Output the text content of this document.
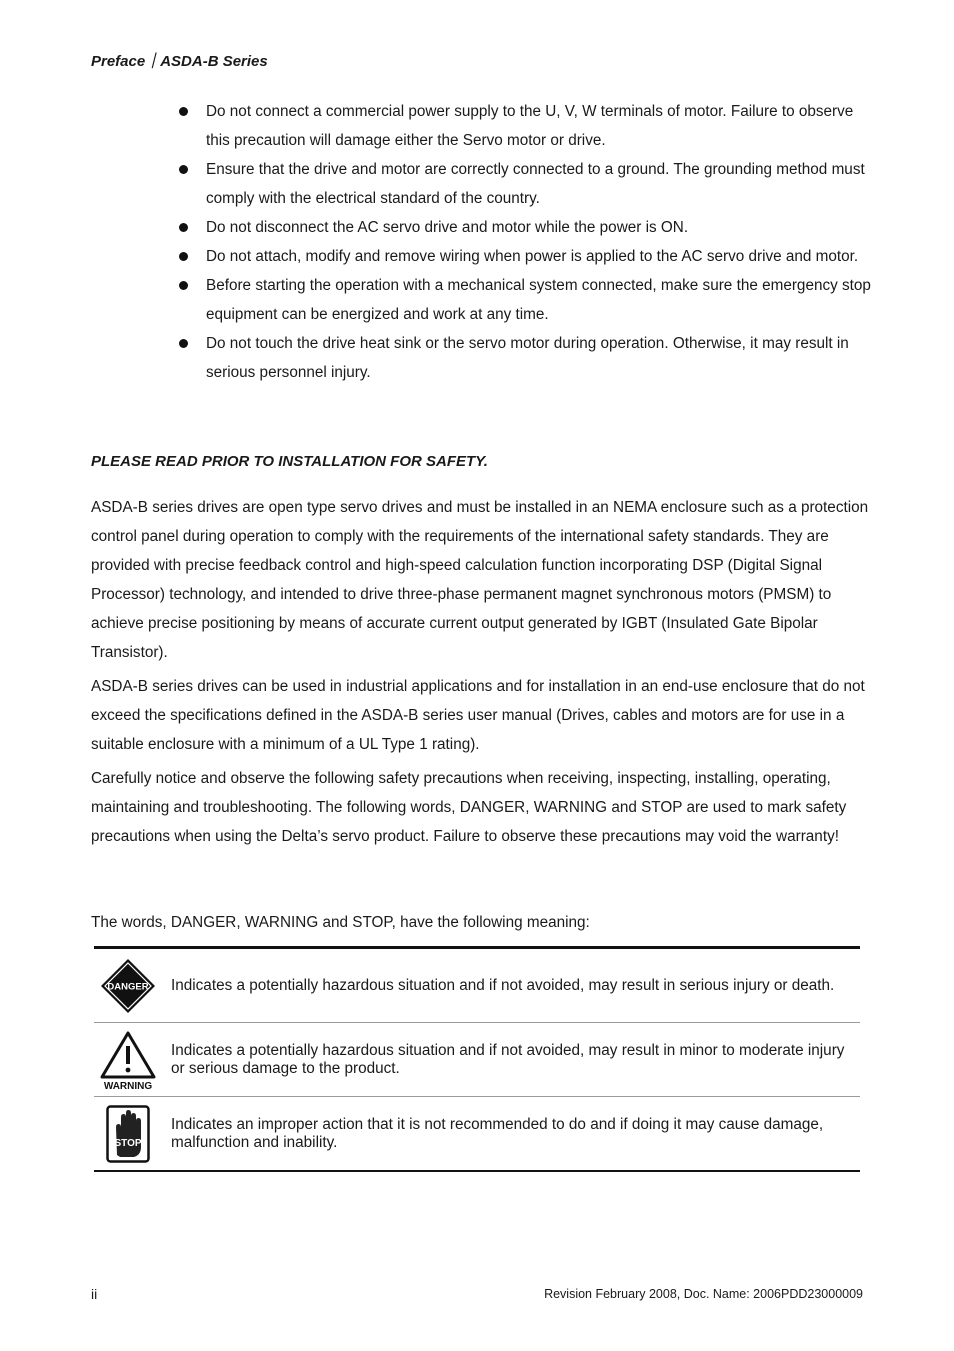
Preface｜ASDA-B Series
Do not connect a commercial power supply to the U, V, W terminals of motor. Failure to observe this precaution will damage either the Servo motor or drive.
Ensure that the drive and motor are correctly connected to a ground. The grounding method must comply with the electrical standard of the country.
Do not disconnect the AC servo drive and motor while the power is ON.
Do not attach, modify and remove wiring when power is applied to the AC servo drive and motor.
Before starting the operation with a mechanical system connected, make sure the emergency stop equipment can be energized and work at any time.
Do not touch the drive heat sink or the servo motor during operation. Otherwise, it may result in serious personnel injury.
PLEASE READ PRIOR TO INSTALLATION FOR SAFETY.

ASDA-B series drives are open type servo drives and must be installed in an NEMA enclosure such as a protection control panel during operation to comply with the requirements of the international safety standards. They are provided with precise feedback control and high-speed calculation function incorporating DSP (Digital Signal Processor) technology, and intended to drive three-phase permanent magnet synchronous motors (PMSM) to achieve precise positioning by means of accurate current output generated by IGBT (Insulated Gate Bipolar Transistor).

ASDA-B series drives can be used in industrial applications and for installation in an end-use enclosure that do not exceed the specifications defined in the ASDA-B series user manual (Drives, cables and motors are for use in a suitable enclosure with a minimum of a UL Type 1 rating).

Carefully notice and observe the following safety precautions when receiving, inspecting, installing, operating, maintaining and troubleshooting. The following words, DANGER, WARNING and STOP are used to mark safety precautions when using the Delta’s servo product. Failure to observe these precautions may void the warranty!

The words, DANGER, WARNING and STOP, have the following meaning:
DANGER Indicates a potentially hazardous situation and if not avoided, may result in serious injury or death.
WARNING
Indicates a potentially hazardous situation and if not avoided, may result in minor to moderate injury or serious damage to the product.
STOP
Indicates an improper action that it is not recommended to do and if doing it may cause damage, malfunction and inability.
ii	Revision February 2008, Doc. Name: 2006PDD23000009
